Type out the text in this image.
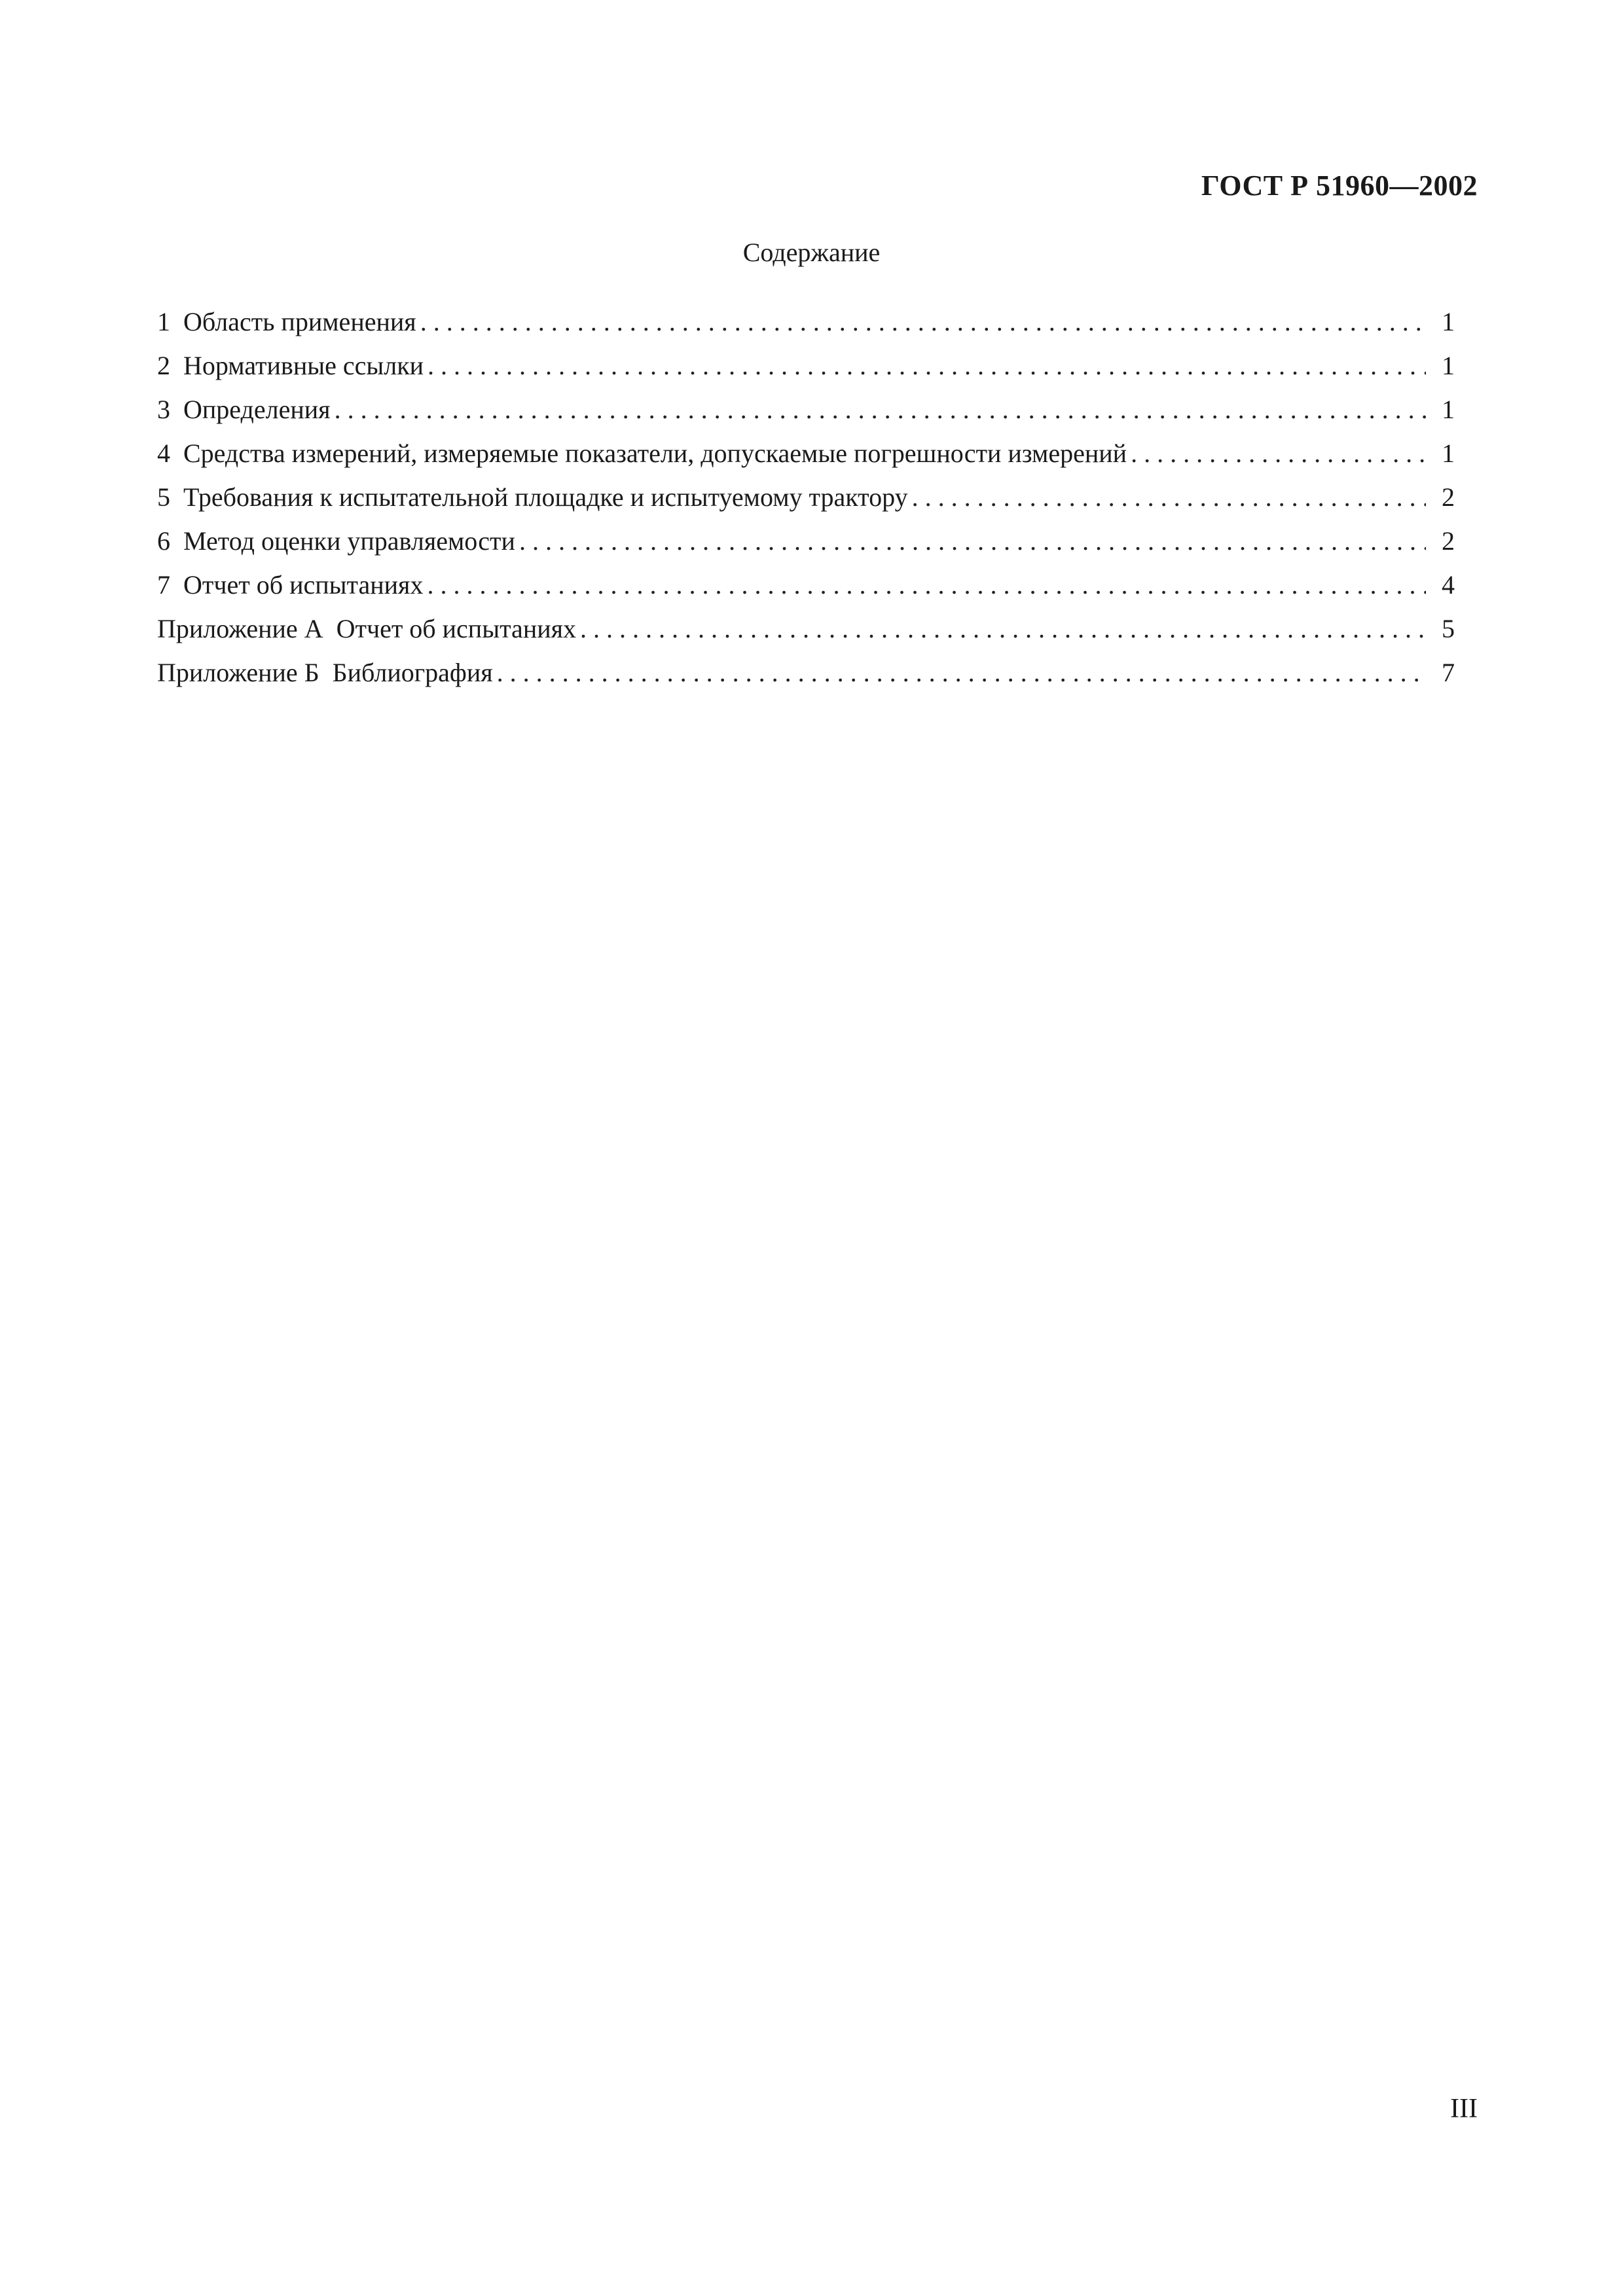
ГОСТ Р 51960—2002
Содержание
1 Область применения . . .	1
2 Нормативные ссылки . . .	1
3 Определения . . .	1
4 Средства измерений, измеряемые показатели, допускаемые погрешности измерений . . .	1
5 Требования к испытательной площадке и испытуемому трактору . . .	2
6 Метод оценки управляемости . . .	2
7 Отчет об испытаниях . . .	4
Приложение А Отчет об испытаниях . . .	5
Приложение Б Библиография . . .	7
III
